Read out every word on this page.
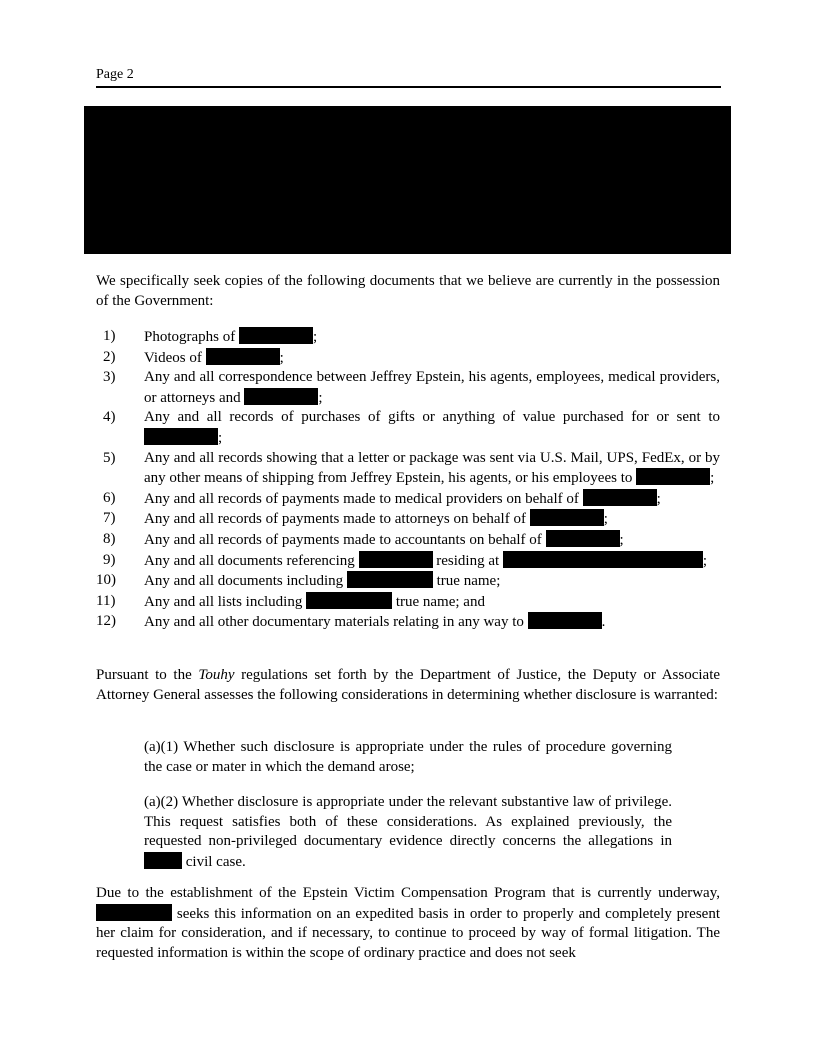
Page 2

We specifically seek copies of the following documents that we believe are currently in the possession of the Government:

1)	Photographs of	;
2)	Videos of	;
3)	Any and all correspondence between Jeffrey Epstein, his agents, employees, medical providers, or attorneys and	;
4)	Any and all records of purchases of gifts or anything of value purchased for or sent to ;
5)	Any and all records showing that a letter or package was sent via U.S. Mail, UPS, FedEx, or by any other means of shipping from Jeffrey Epstein, his agents, or his employees to	;
6)	Any and all records of payments made to medical providers on behalf of	;
7)	Any and all records of payments made to attorneys on behalf of	;
8)	Any and all records of payments made to accountants on behalf of	;
9)	Any and all documents referencing	residing at	;
10)	Any and all documents including	true name;
11)	Any and all lists including	true name; and
12)	Any and all other documentary materials relating in any way to	.

Pursuant to the Touhy regulations set forth by the Department of Justice, the Deputy or Associate Attorney General assesses the following considerations in determining whether disclosure is warranted:

(a)(1) Whether such disclosure is appropriate under the rules of procedure governing the case or mater in which the demand arose;

(a)(2) Whether disclosure is appropriate under the relevant substantive law of privilege. This request satisfies both of these considerations. As explained previously, the requested non-privileged documentary evidence directly concerns the allegations in  civil case.

Due to the establishment of the Epstein Victim Compensation Program that is currently underway,  seeks this information on an expedited basis in order to properly and completely present her claim for consideration, and if necessary, to continue to proceed by way of formal litigation. The requested information is within the scope of ordinary practice and does not seek
